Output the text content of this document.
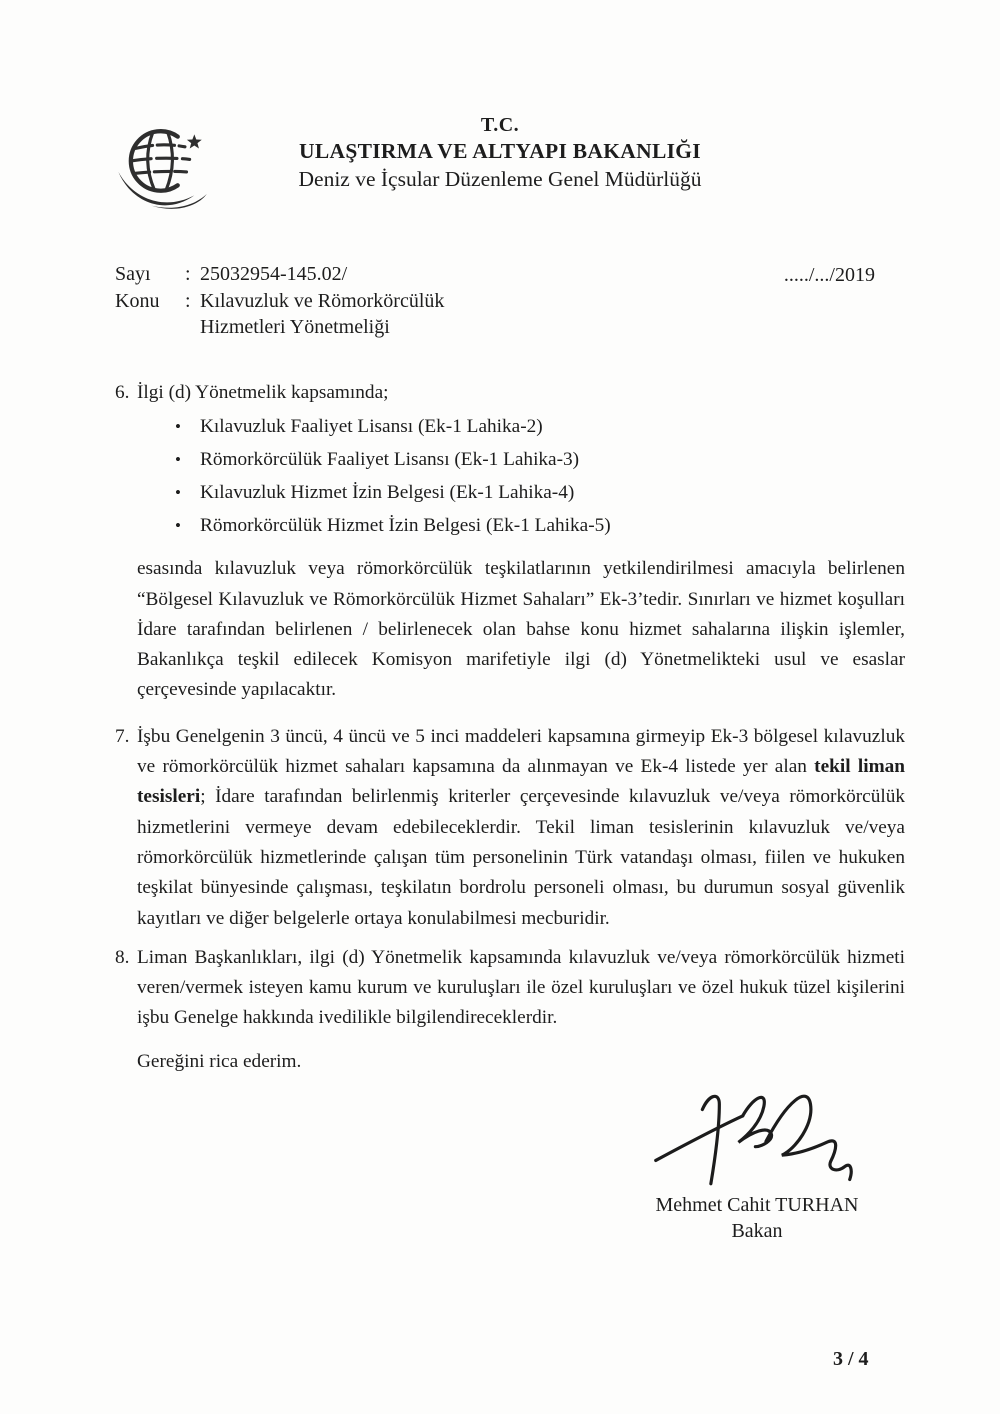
T.C.
ULAŞTIRMA VE ALTYAPI BAKANLIĞI
Deniz ve İçsular Düzenleme Genel Müdürlüğü
Sayı	: 25032954-145.02/
Konu	: Kılavuzluk ve Römorkörcülük
Hizmetleri Yönetmeliği
...../.../2019
6. İlgi (d) Yönetmelik kapsamında;
• Kılavuzluk Faaliyet Lisansı (Ek-1 Lahika-2)
• Römorkörcülük Faaliyet Lisansı (Ek-1 Lahika-3)
• Kılavuzluk Hizmet İzin Belgesi (Ek-1 Lahika-4)
• Römorkörcülük Hizmet İzin Belgesi (Ek-1 Lahika-5)
esasında kılavuzluk veya römorkörcülük teşkilatlarının yetkilendirilmesi amacıyla belirlenen “Bölgesel Kılavuzluk ve Römorkörcülük Hizmet Sahaları” Ek-3’tedir. Sınırları ve hizmet koşulları İdare tarafından belirlenen / belirlenecek olan bahse konu hizmet sahalarına ilişkin işlemler, Bakanlıkça teşkil edilecek Komisyon marifetiyle ilgi (d) Yönetmelikteki usul ve esaslar çerçevesinde yapılacaktır.
7. İşbu Genelgenin 3 üncü, 4 üncü ve 5 inci maddeleri kapsamına girmeyip Ek-3 bölgesel kılavuzluk ve römorkörcülük hizmet sahaları kapsamına da alınmayan ve Ek-4 listede yer alan tekil liman tesisleri; İdare tarafından belirlenmiş kriterler çerçevesinde kılavuzluk ve/veya römorkörcülük hizmetlerini vermeye devam edebileceklerdir. Tekil liman tesislerinin kılavuzluk ve/veya römorkörcülük hizmetlerinde çalışan tüm personelinin Türk vatandaşı olması, fiilen ve hukuken teşkilat bünyesinde çalışması, teşkilatın bordrolu personeli olması, bu durumun sosyal güvenlik kayıtları ve diğer belgelerle ortaya konulabilmesi mecburidir.
8. Liman Başkanlıkları, ilgi (d) Yönetmelik kapsamında kılavuzluk ve/veya römorkörcülük hizmeti veren/vermek isteyen kamu kurum ve kuruluşları ile özel kuruluşları ve özel hukuk tüzel kişilerini işbu Genelge hakkında ivedilikle bilgilendireceklerdir.
Gereğini rica ederim.
Mehmet Cahit TURHAN
Bakan
3 / 4
